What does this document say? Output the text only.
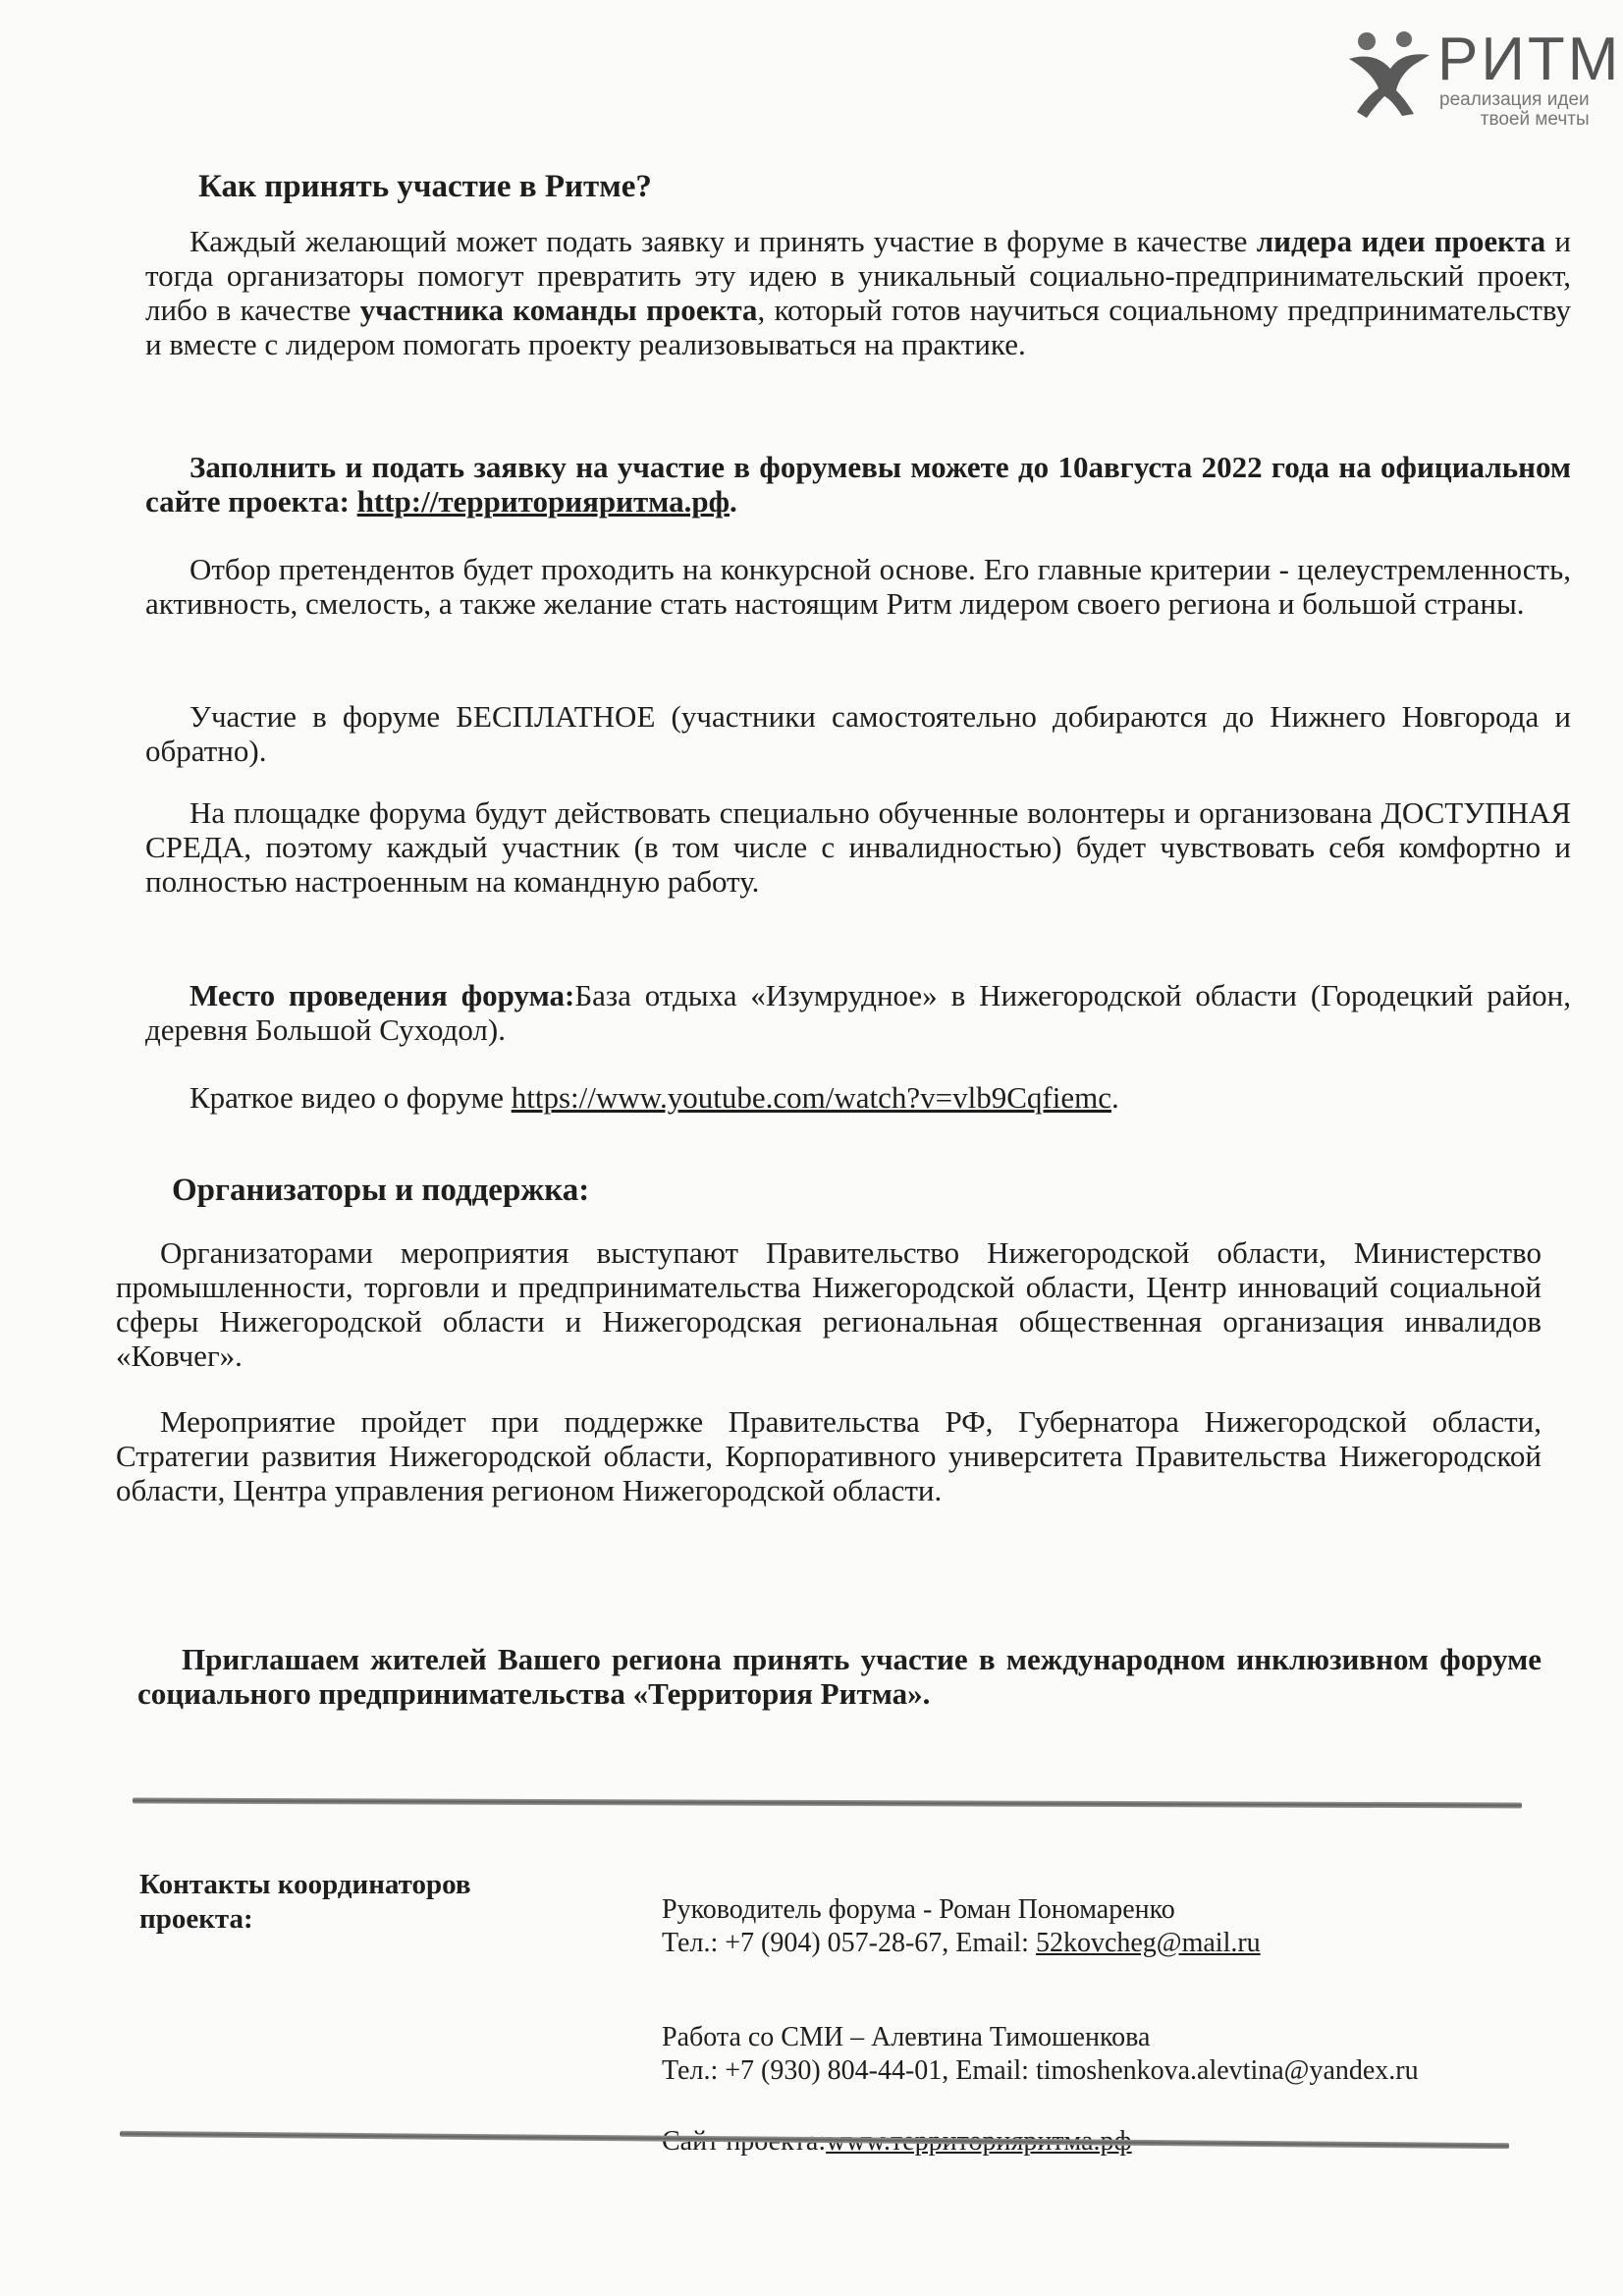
РИТМ
реализация идеи
твоей мечты
Как принять участие в Ритме?
Каждый желающий может подать заявку и принять участие в форуме в качестве лидера идеи проекта и тогда организаторы помогут превратить эту идею в уникальный социально-предпринимательский проект, либо в качестве участника команды проекта, который готов научиться социальному предпринимательству и вместе с лидером помогать проекту реализовываться на практике.
Заполнить и подать заявку на участие в форумевы можете до 10августа 2022 года на официальном сайте проекта: http://территорияритма.рф.
Отбор претендентов будет проходить на конкурсной основе. Его главные критерии - целеустремленность, активность, смелость, а также желание стать настоящим Ритм лидером своего региона и большой страны.
Участие в форуме БЕСПЛАТНОЕ (участники самостоятельно добираются до Нижнего Новгорода и обратно).
На площадке форума будут действовать специально обученные волонтеры и организована ДОСТУПНАЯ СРЕДА, поэтому каждый участник (в том числе с инвалидностью) будет чувствовать себя комфортно и полностью настроенным на командную работу.
Место проведения форума:База отдыха «Изумрудное» в Нижегородской области (Городецкий район, деревня Большой Суходол).
Краткое видео о форуме https://www.youtube.com/watch?v=vlb9Cqfiemc.
Организаторы и поддержка:
Организаторами мероприятия выступают Правительство Нижегородской области, Министерство промышленности, торговли и предпринимательства Нижегородской области, Центр инноваций социальной сферы Нижегородской области и Нижегородская региональная общественная организация инвалидов «Ковчег».
Мероприятие пройдет при поддержке Правительства РФ, Губернатора Нижегородской области, Стратегии развития Нижегородской области, Корпоративного университета Правительства Нижегородской области, Центра управления регионом Нижегородской области.
Приглашаем жителей Вашего региона принять участие в международном инклюзивном форуме социального предпринимательства «Территория Ритма».
Контакты координаторов проекта:	Руководитель форума - Роман Пономаренко
Тел.: +7 (904) 057-28-67, Email: 52kovcheg@mail.ru
Работа со СМИ – Алевтина Тимошенкова
Тел.: +7 (930) 804-44-01, Email: timoshenkova.alevtina@yandex.ru
